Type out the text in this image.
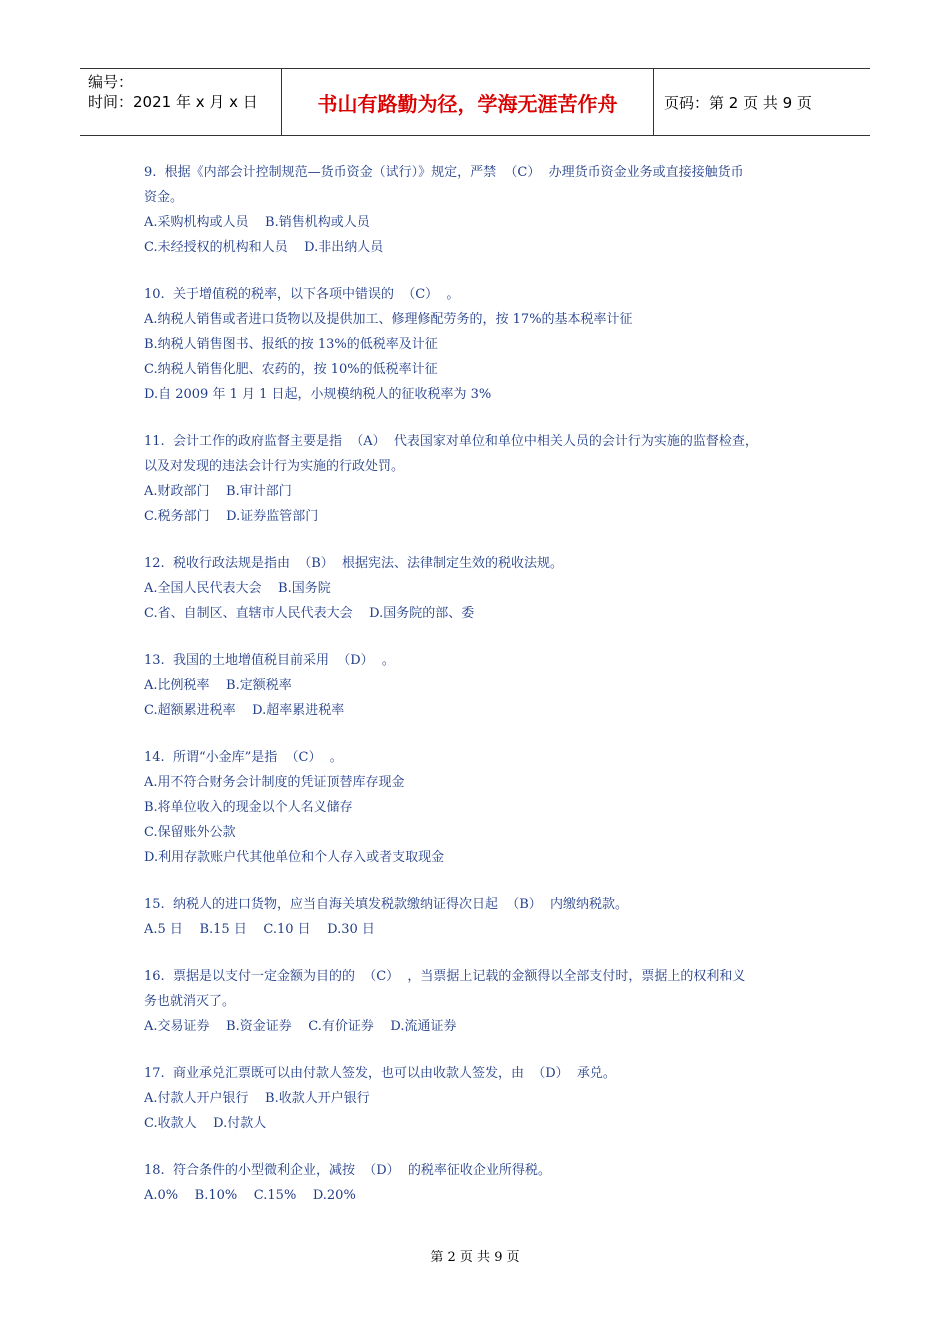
编号：
时间：2021 年 x 月 x 日	书山有路勤为径，学海无涯苦作舟	页码：第 2 页 共 9 页
9.  根据《内部会计控制规范—货币资金（试行）》规定，严禁  （C）  办理货币资金业务或直接接触货币
资金。
A.采购机构或人员    B.销售机构或人员
C.未经授权的机构和人员    D.非出纳人员
10.  关于增值税的税率，以下各项中错误的  （C）  。
A.纳税人销售或者进口货物以及提供加工、修理修配劳务的，按 17%的基本税率计征
B.纳税人销售图书、报纸的按 13%的低税率及计征
C.纳税人销售化肥、农药的，按 10%的低税率计征
D.自 2009 年 1 月 1 日起，小规模纳税人的征收税率为 3%
11.  会计工作的政府监督主要是指  （A）  代表国家对单位和单位中相关人员的会计行为实施的监督检查，
以及对发现的违法会计行为实施的行政处罚。
A.财政部门    B.审计部门
C.税务部门    D.证券监管部门
12.  税收行政法规是指由  （B）  根据宪法、法律制定生效的税收法规。
A.全国人民代表大会    B.国务院
C.省、自制区、直辖市人民代表大会    D.国务院的部、委
13.  我国的土地增值税目前采用  （D）  。
A.比例税率    B.定额税率
C.超额累进税率    D.超率累进税率
14.  所谓“小金库”是指  （C）  。
A.用不符合财务会计制度的凭证顶替库存现金
B.将单位收入的现金以个人名义储存
C.保留账外公款
D.利用存款账户代其他单位和个人存入或者支取现金
15.  纳税人的进口货物，应当自海关填发税款缴纳证得次日起  （B）  内缴纳税款。
A.5 日    B.15 日    C.10 日    D.30 日
16.  票据是以支付一定金额为目的的  （C）  ，当票据上记载的金额得以全部支付时，票据上的权利和义
务也就消灭了。
A.交易证券    B.资金证券    C.有价证券    D.流通证券
17.  商业承兑汇票既可以由付款人签发，也可以由收款人签发，由  （D）  承兑。
A.付款人开户银行    B.收款人开户银行
C.收款人    D.付款人
18.  符合条件的小型微利企业，减按  （D）  的税率征收企业所得税。
A.0%    B.10%    C.15%    D.20%
第 2 页 共 9 页
